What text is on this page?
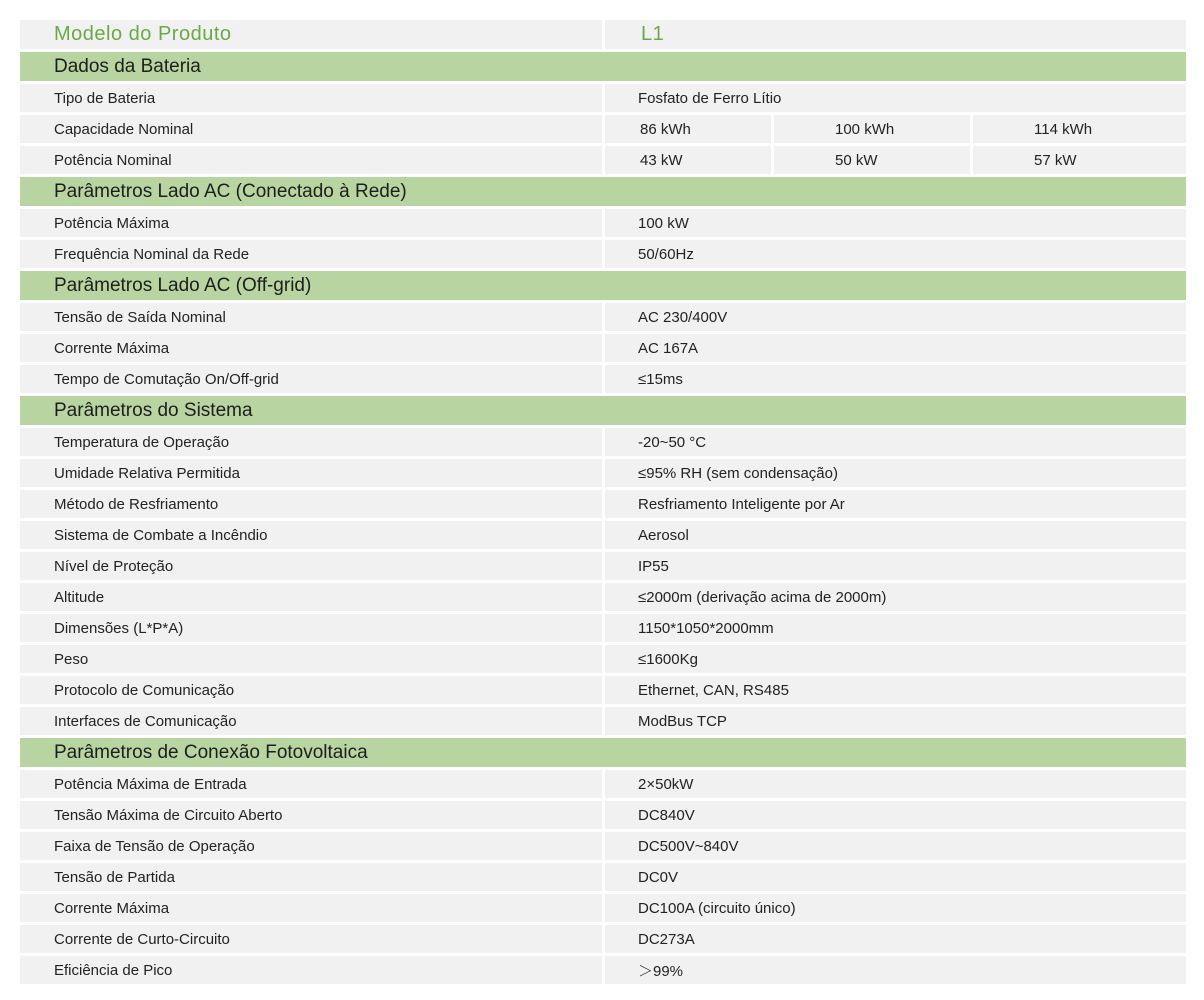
Modelo do Produto	L1
Dados da Bateria
Tipo de Bateria	Fosfato de Ferro Lítio
Capacidade Nominal	86 kWh	100 kWh	114 kWh
Potência Nominal	43 kW	50 kW	57 kW
Parâmetros Lado AC (Conectado à Rede)
Potência Máxima	100 kW
Frequência Nominal da Rede	50/60Hz
Parâmetros Lado AC (Off-grid)
Tensão de Saída Nominal	AC 230/400V
Corrente Máxima	AC 167A
Tempo de Comutação On/Off-grid	≤15ms
Parâmetros do Sistema
Temperatura de Operação	-20~50 °C
Umidade Relativa Permitida	≤95% RH (sem condensação)
Método de Resfriamento	Resfriamento Inteligente por Ar
Sistema de Combate a Incêndio	Aerosol
Nível de Proteção	IP55
Altitude	≤2000m (derivação acima de 2000m)
Dimensões (L*P*A)	1150*1050*2000mm
Peso	≤1600Kg
Protocolo de Comunicação	Ethernet, CAN, RS485
Interfaces de Comunicação	ModBus TCP
Parâmetros de Conexão Fotovoltaica
Potência Máxima de Entrada	2×50kW
Tensão Máxima de Circuito Aberto	DC840V
Faixa de Tensão de Operação	DC500V~840V
Tensão de Partida	DC0V
Corrente Máxima	DC100A (circuito único)
Corrente de Curto-Circuito	DC273A
Eficiência de Pico	＞99%
